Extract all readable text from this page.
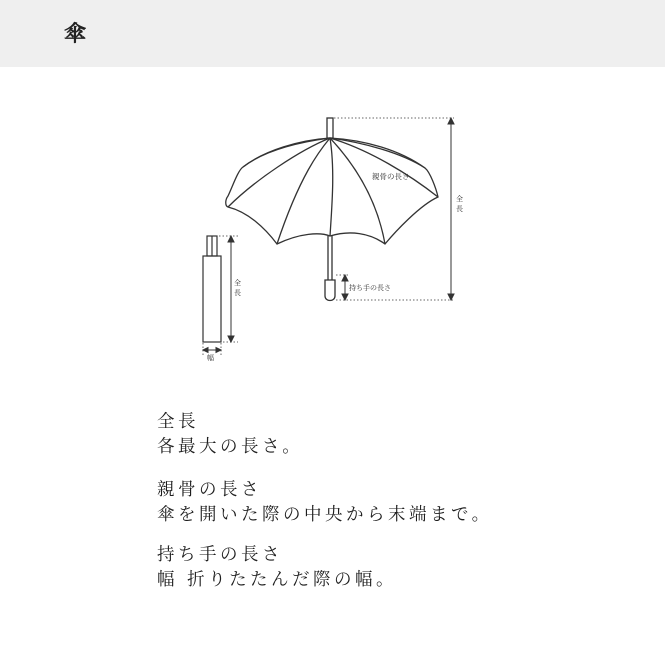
傘
全
長
親骨の長さ
持ち手の長さ
全
長
幅
全長
各最大の長さ。
親骨の長さ
傘を開いた際の中央から末端まで。
持ち手の長さ
幅 折りたたんだ際の幅。
